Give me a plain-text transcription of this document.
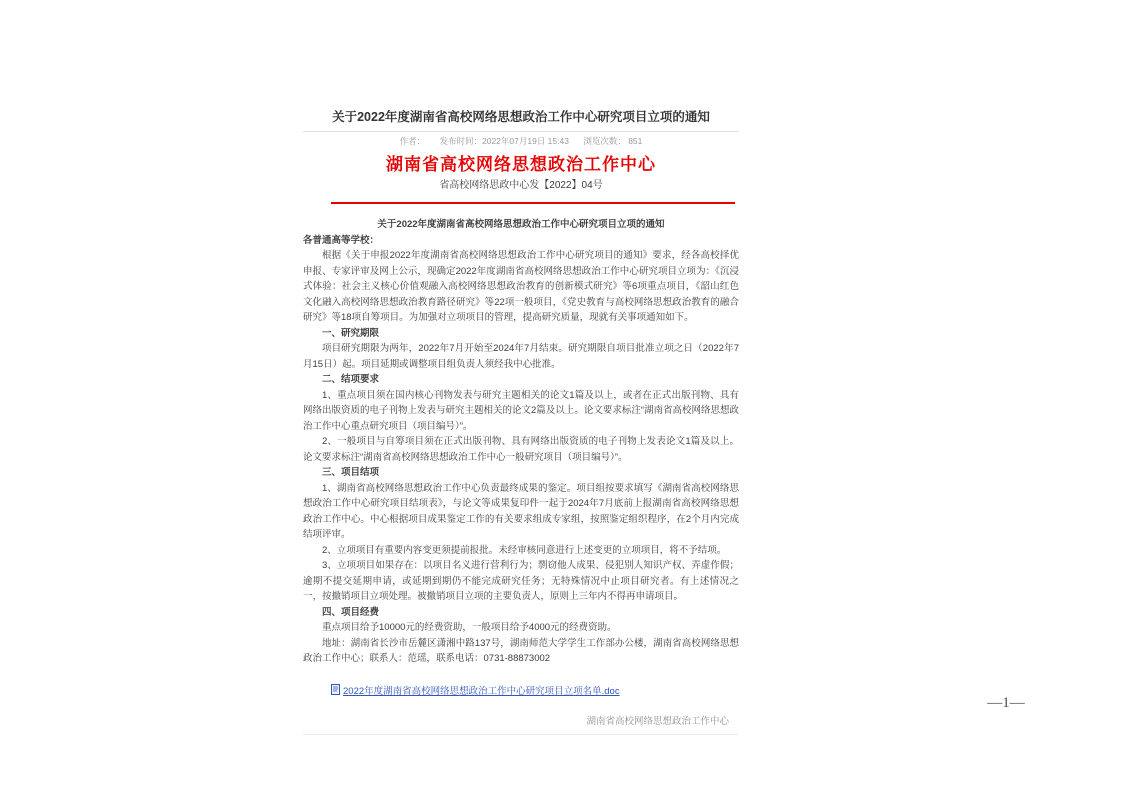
关于2022年度湖南省高校网络思想政治工作中心研究项目立项的通知

作者： 发布时间：2022年07月19日 15:43 浏览次数： 851
湖南省高校网络思想政治工作中心
省高校网络思政中心发【2022】04号

关于2022年度湖南省高校网络思想政治工作中心研究项目立项的通知

各普通高等学校：

根据《关于申报2022年度湖南省高校网络思想政治工作中心研究项目的通知》要求，经各高校择优申报、专家评审及网上公示，现确定2022年度湖南省高校网络思想政治工作中心研究项目立项为：《沉浸式体验：社会主义核心价值观融入高校网络思想政治教育的创新模式研究》等6项重点项目，《韶山红色文化融入高校网络思想政治教育路径研究》等22项一般项目，《党史教育与高校网络思想政治教育的融合研究》等18项自筹项目。为加强对立项项目的管理，提高研究质量，现就有关事项通知如下。

一、研究期限

项目研究期限为两年，2022年7月开始至2024年7月结束。研究期限自项目批准立项之日（2022年7月15日）起。项目延期或调整项目组负责人须经我中心批准。

二、结项要求

1、重点项目须在国内核心刊物发表与研究主题相关的论文1篇及以上，或者在正式出版刊物、具有网络出版资质的电子刊物上发表与研究主题相关的论文2篇及以上。论文要求标注“湖南省高校网络思想政治工作中心重点研究项目（项目编号）”。

2、一般项目与自筹项目须在正式出版刊物、具有网络出版资质的电子刊物上发表论文1篇及以上。论文要求标注“湖南省高校网络思想政治工作中心一般研究项目（项目编号）”。

三、项目结项

1、湖南省高校网络思想政治工作中心负责最终成果的鉴定。项目组按要求填写《湖南省高校网络思想政治工作中心研究项目结项表》，与论文等成果复印件一起于2024年7月底前上报湖南省高校网络思想政治工作中心。中心根据项目成果鉴定工作的有关要求组成专家组，按照鉴定组织程序，在2个月内完成结项评审。

2、立项项目有重要内容变更须提前报批。未经审核同意进行上述变更的立项项目，将不予结项。

3、立项项目如果存在：以项目名义进行营利行为；剽窃他人成果、侵犯别人知识产权、弄虚作假；逾期不提交延期申请，或延期到期仍不能完成研究任务；无特殊情况中止项目研究者。有上述情况之一，按撤销项目立项处理。被撤销项目立项的主要负责人，原则上三年内不得再申请项目。

四、项目经费

重点项目给予10000元的经费资助，一般项目给予4000元的经费资助。

地址：湖南省长沙市岳麓区潇湘中路137号，湖南师范大学学生工作部办公楼，湖南省高校网络思想政治工作中心；联系人：范瑶，联系电话：0731-88873002

2022年度湖南省高校网络思想政治工作中心研究项目立项名单.doc
湖南省高校网络思想政治工作中心
—1—
